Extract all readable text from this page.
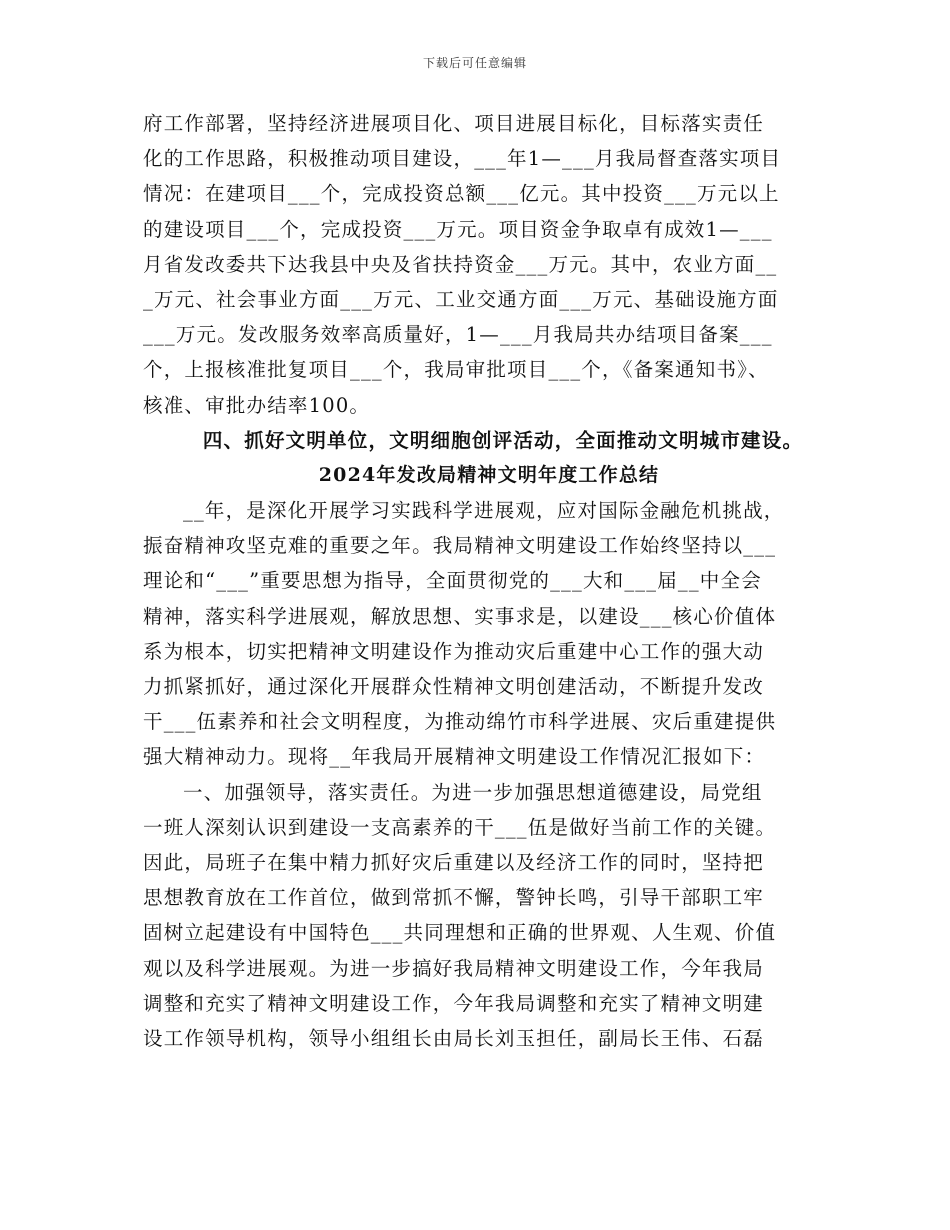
下载后可任意编辑
府工作部署，坚持经济进展项目化、项目进展目标化，目标落实责任
化的工作思路，积极推动项目建设，___年1—___月我局督查落实项目
情况：在建项目___个，完成投资总额___亿元。其中投资___万元以上
的建设项目___个，完成投资___万元。项目资金争取卓有成效1—___
月省发改委共下达我县中央及省扶持资金___万元。其中，农业方面__
_万元、社会事业方面___万元、工业交通方面___万元、基础设施方面
___万元。发改服务效率高质量好，1—___月我局共办结项目备案___
个，上报核准批复项目___个，我局审批项目___个，《备案通知书》、
核准、审批办结率100。
四、抓好文明单位，文明细胞创评活动，全面推动文明城市建设。
2024年发改局精神文明年度工作总结
__年，是深化开展学习实践科学进展观，应对国际金融危机挑战，
振奋精神攻坚克难的重要之年。我局精神文明建设工作始终坚持以___
理论和“___”重要思想为指导，全面贯彻党的___大和___届__中全会
精神，落实科学进展观，解放思想、实事求是，以建设___核心价值体
系为根本，切实把精神文明建设作为推动灾后重建中心工作的强大动
力抓紧抓好，通过深化开展群众性精神文明创建活动，不断提升发改
干___伍素养和社会文明程度，为推动绵竹市科学进展、灾后重建提供
强大精神动力。现将__年我局开展精神文明建设工作情况汇报如下：
一、加强领导，落实责任。为进一步加强思想道德建设，局党组
一班人深刻认识到建设一支高素养的干___伍是做好当前工作的关键。
因此，局班子在集中精力抓好灾后重建以及经济工作的同时，坚持把
思想教育放在工作首位，做到常抓不懈，警钟长鸣，引导干部职工牢
固树立起建设有中国特色___共同理想和正确的世界观、人生观、价值
观以及科学进展观。为进一步搞好我局精神文明建设工作，今年我局
调整和充实了精神文明建设工作，今年我局调整和充实了精神文明建
设工作领导机构，领导小组组长由局长刘玉担任，副局长王伟、石磊
